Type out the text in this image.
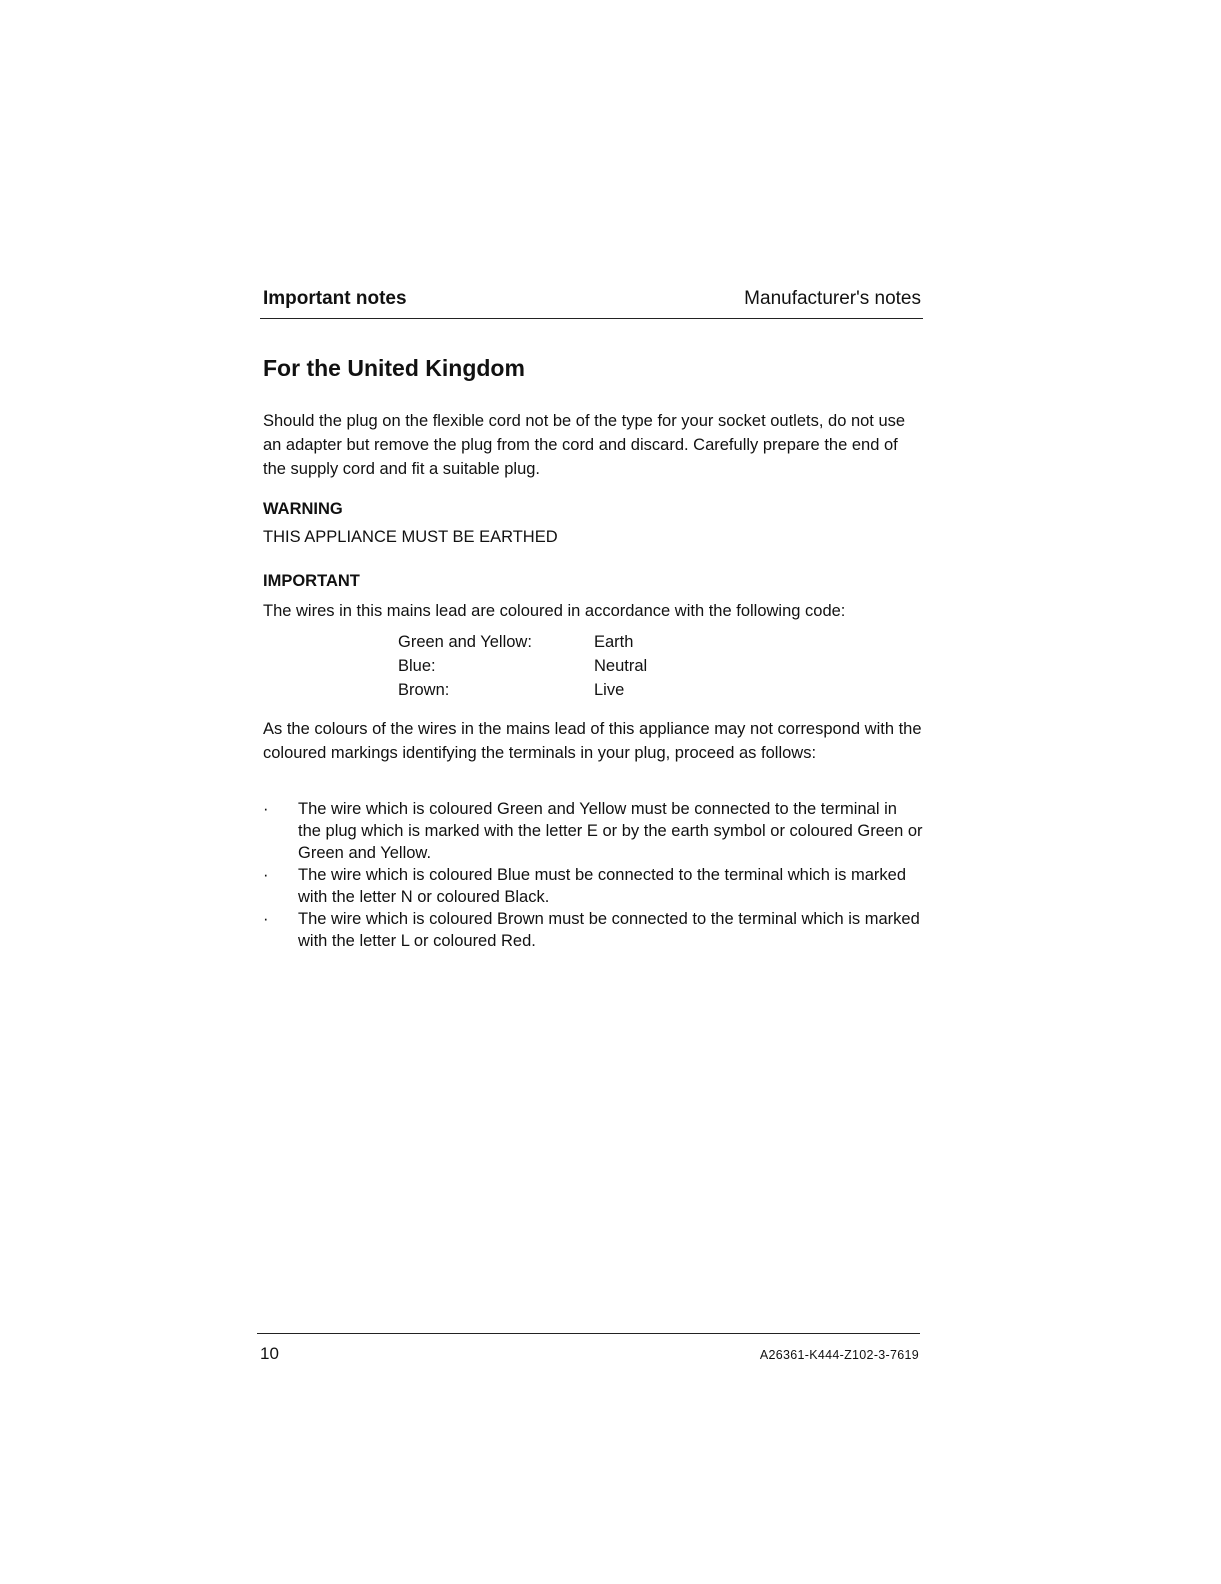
Important notes	Manufacturer's notes
For the United Kingdom

Should the plug on the flexible cord not be of the type for your socket outlets, do not use an adapter but remove the plug from the cord and discard. Carefully prepare the end of the supply cord and fit a suitable plug.

WARNING
THIS APPLIANCE MUST BE EARTHED
IMPORTANT

The wires in this mains lead are coloured in accordance with the following code:

Green and Yellow:	Earth
Blue:	Neutral
Brown:	Live

As the colours of the wires in the mains lead of this appliance may not correspond with the coloured markings identifying the terminals in your plug, proceed as follows:

· The wire which is coloured Green and Yellow must be connected to the terminal in the plug which is marked with the letter E or by the earth symbol or coloured Green or Green and Yellow.
· The wire which is coloured Blue must be connected to the terminal which is marked with the letter N or coloured Black.
· The wire which is coloured Brown must be connected to the terminal which is marked with the letter L or coloured Red.
10	A26361-K444-Z102-3-7619
